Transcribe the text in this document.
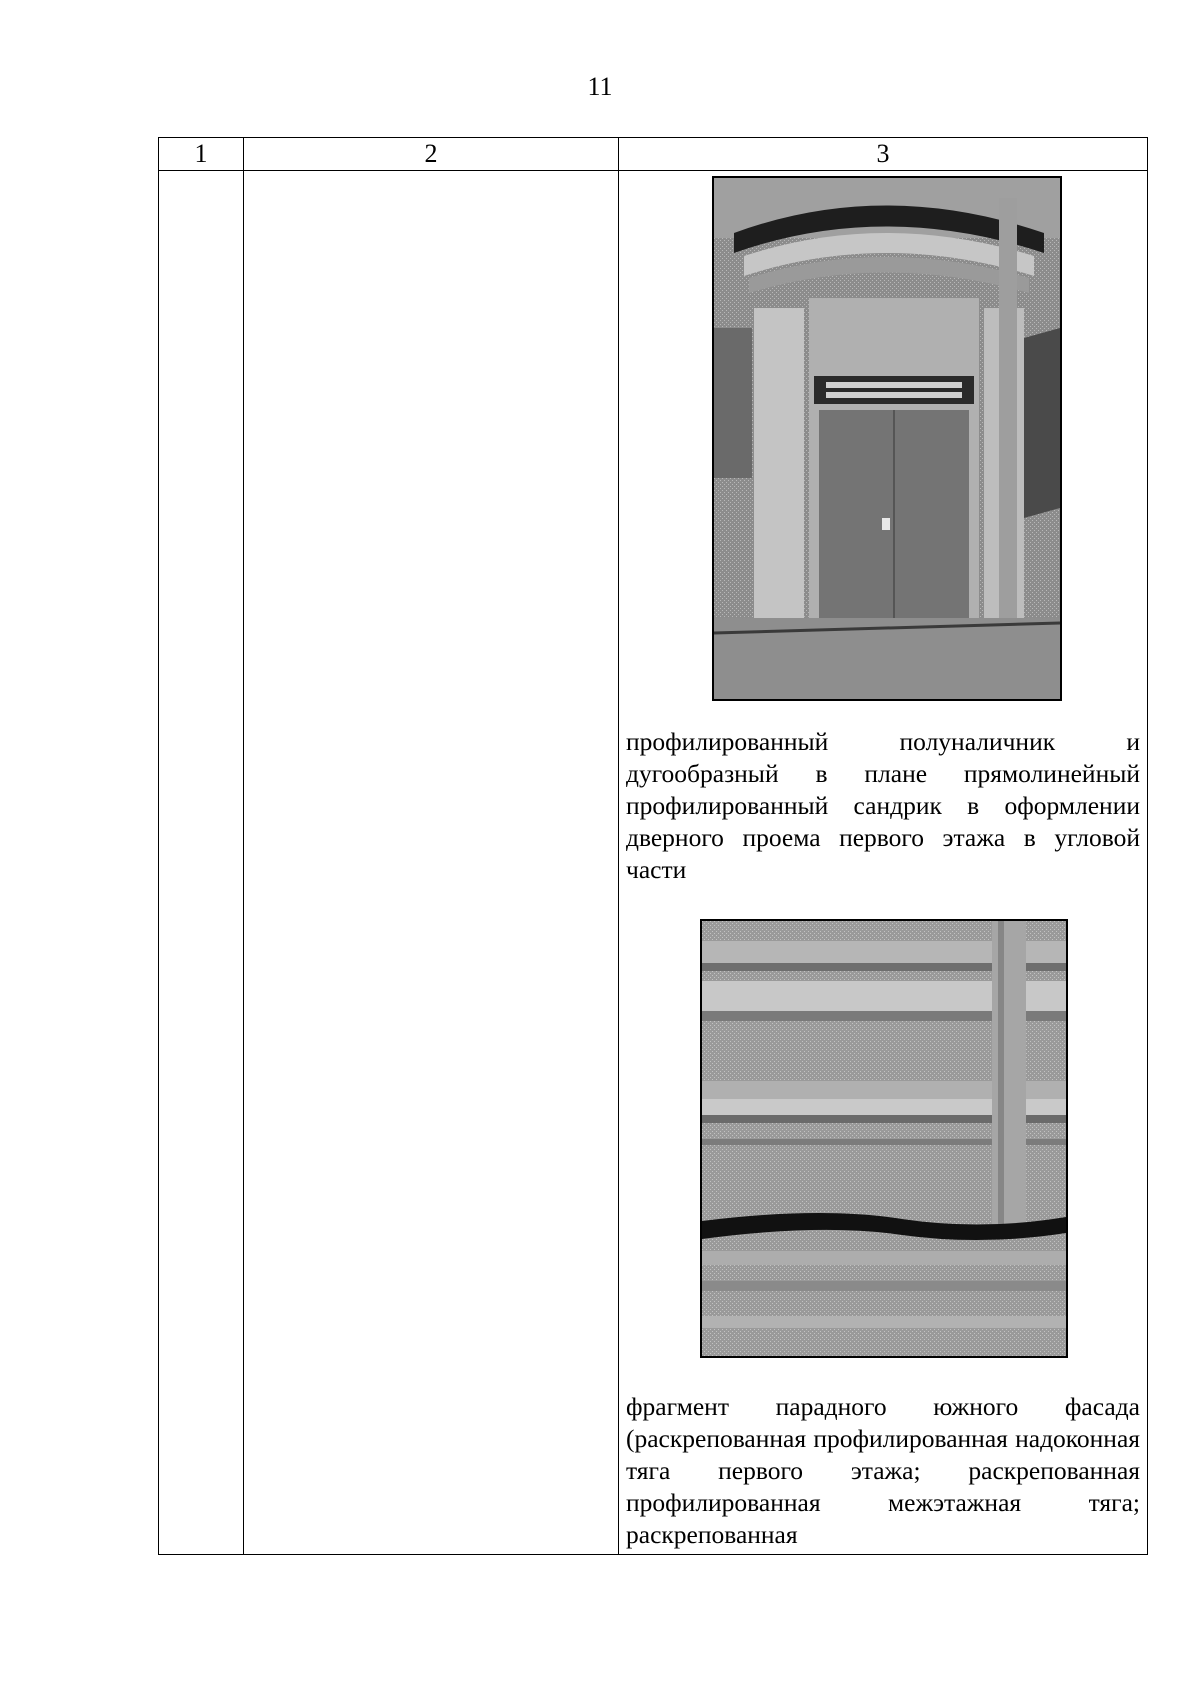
11
1	2	3

		профилированный полуналичник и дугообразный в плане прямолинейный профилированный сандрик в оформлении дверного проема первого этажа в угловой части
фрагмент парадного южного фасада (раскрепованная профилированная надоконная тяга первого этажа; раскрепованная профилированная межэтажная тяга; раскрепованная
